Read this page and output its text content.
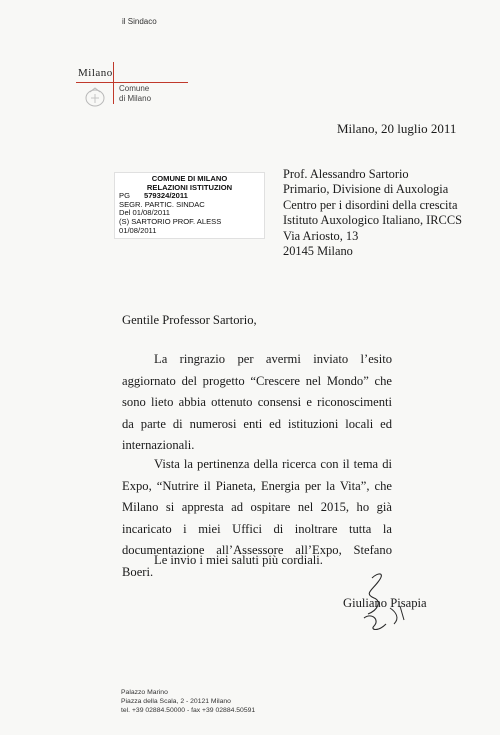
il Sindaco
Milano
Comune
di Milano
Milano, 20 luglio 2011
COMUNE DI MILANO
RELAZIONI ISTITUZION
PG 579324/2011
SEGR. PARTIC. SINDAC
Del 01/08/2011
(S) SARTORIO PROF. ALESS
01/08/2011
Prof. Alessandro Sartorio
Primario, Divisione di Auxologia
Centro per i disordini della crescita
Istituto Auxologico Italiano, IRCCS
Via Ariosto, 13
20145 Milano
Gentile Professor Sartorio,
La ringrazio per avermi inviato l’esito aggiornato del progetto “Crescere nel Mondo” che sono lieto abbia ottenuto consensi e riconoscimenti da parte di numerosi enti ed istituzioni locali ed internazionali.
Vista la pertinenza della ricerca con il tema di Expo, “Nutrire il Pianeta, Energia per la Vita”, che Milano si appresta ad ospitare nel 2015, ho già incaricato i miei Uffici di inoltrare tutta la documentazione all’Assessore all’Expo, Stefano Boeri.
Le invio i miei saluti più cordiali.
Giuliano Pisapia
Palazzo Marino
Piazza della Scala, 2 - 20121 Milano
tel. +39 02884.50000 - fax +39 02884.50591
